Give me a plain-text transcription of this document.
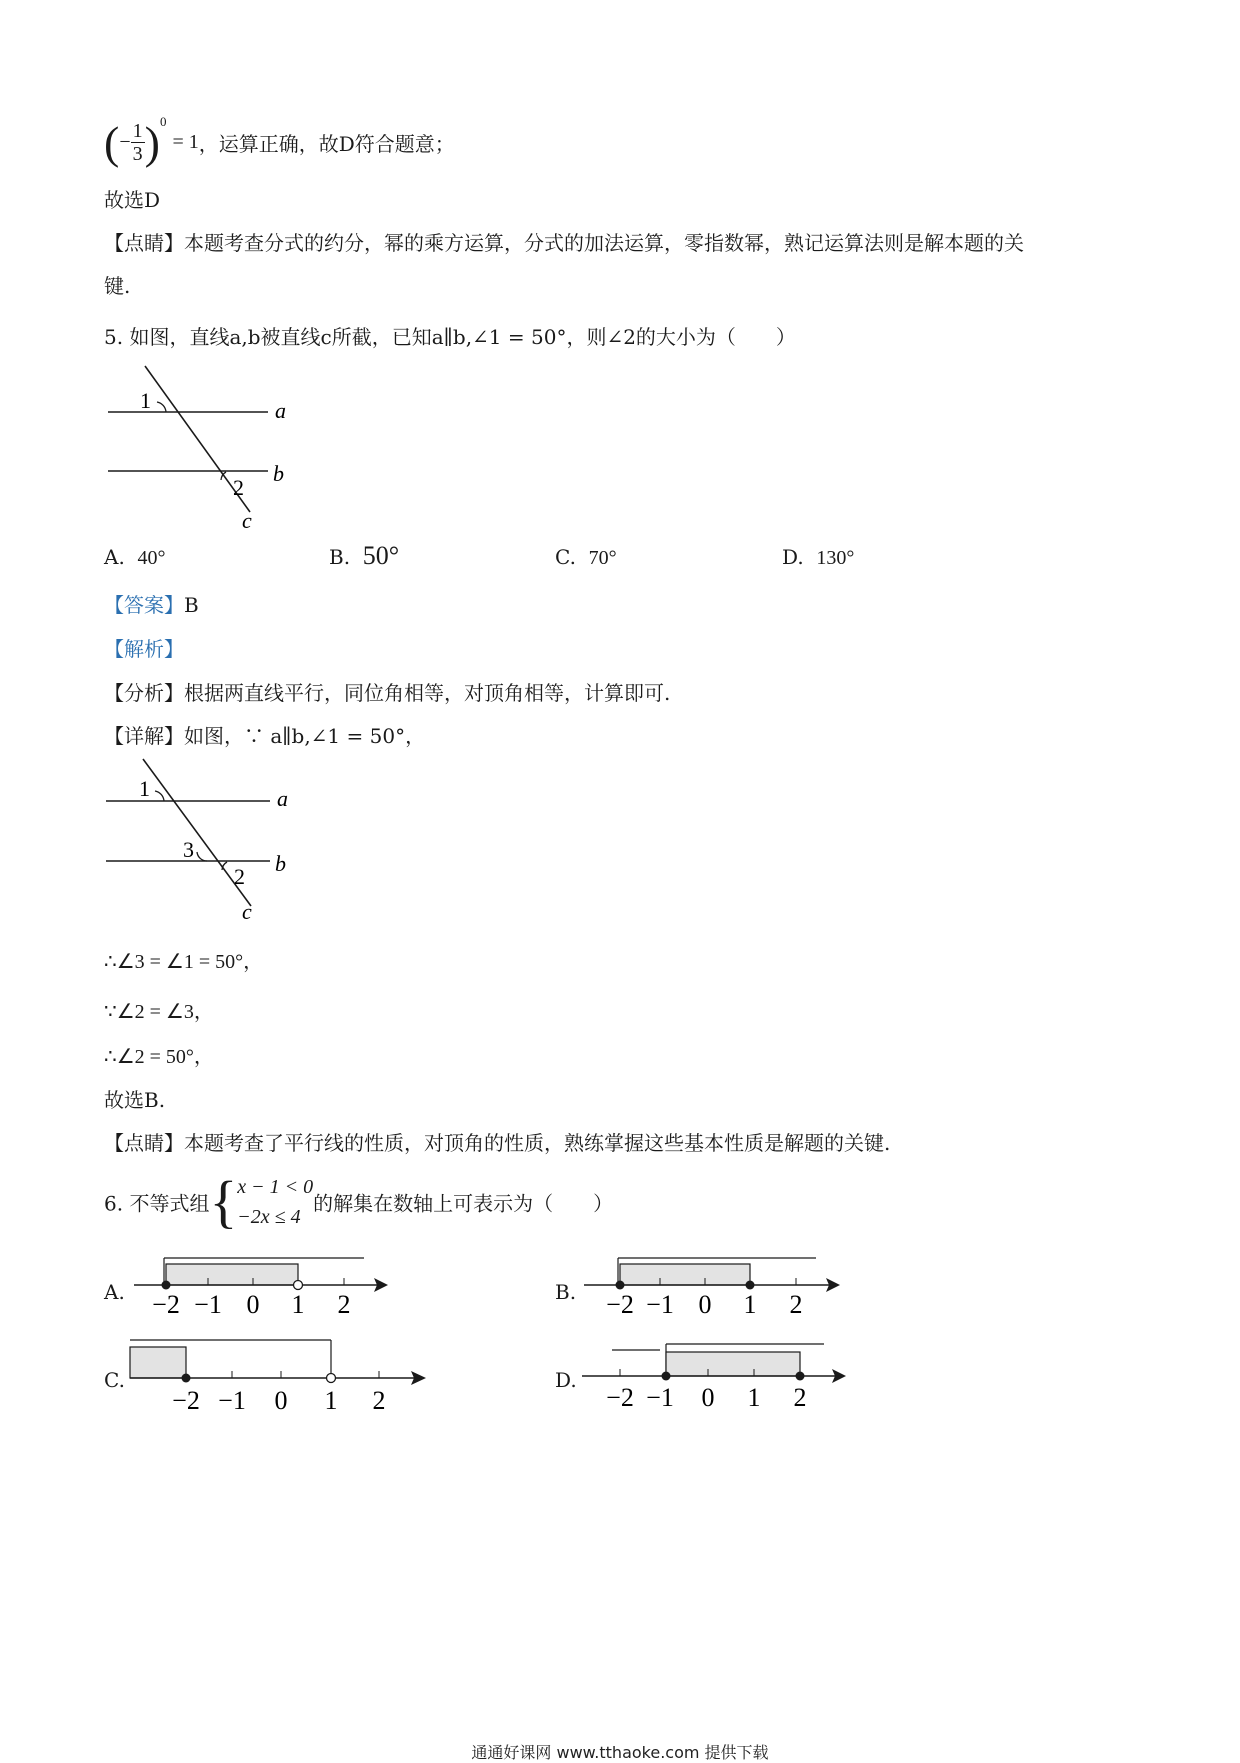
(− $\frac{1}{3} )^0= 1$，运算正确，故D符合题意；
故选D
【点睛】本题考查分式的约分，幂的乘方运算，分式的加法运算，零指数幂，熟记运算法则是解本题的关
键.
5. 如图，直线a,b被直线c所截，已知a∥b,∠1 = 50°，则∠2的大小为（　　）
1
2
a
b
c
A. 40°	B. 50°	C. 70°	D. 130°
【答案】B
【解析】
【分析】根据两直线平行，同位角相等，对顶角相等，计算即可.
【详解】如图，∵ a∥b,∠1 = 50°，
1
3
2
a
b
c
∴∠3 = ∠1 = 50°，
∵∠2 = ∠3，
∴∠2 = 50°，
故选B.
【点睛】本题考查了平行线的性质，对顶角的性质，熟练掌握这些基本性质是解题的关键.
6. 不等式组{ x − 1 < 0
−2x ≤ 4
的解集在数轴上可表示为（　　）
A. −2 −1 0 1 2	B. −2 −1 0 1 2
C.
−2 −1 0 1 2
D.
−2 −1 0 1 2
通通好课网 www.tthaoke.com 提供下载
